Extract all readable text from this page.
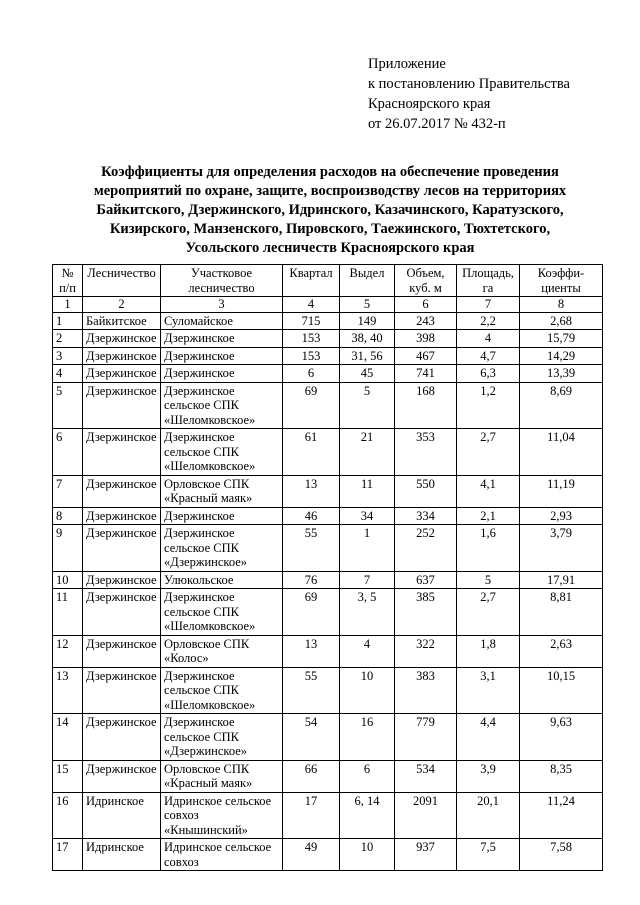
Приложение
к постановлению Правительства
Красноярского края
от 26.07.2017 № 432-п
Коэффициенты для определения расходов на обеспечение проведения
мероприятий по охране, защите, воспроизводству лесов на территориях
Байкитского, Дзержинского, Идринского, Казачинского, Каратузского,
Кизирского, Манзенского, Пировского, Таежинского, Тюхтетского,
Усольского лесничеств Красноярского края
№ п/п	Лесничество	Участковое лесничество	Квартал	Выдел	Объем, куб. м	Площадь, га	Коэффи- циенты
1	2	3	4	5	6	7	8
1	Байкитское	Суломайское	715	149	243	2,2	2,68
2	Дзержинское	Дзержинское	153	38, 40	398	4	15,79
3	Дзержинское	Дзержинское	153	31, 56	467	4,7	14,29
4	Дзержинское	Дзержинское	6	45	741	6,3	13,39
5	Дзержинское	Дзержинское сельское СПК «Шеломковское»	69	5	168	1,2	8,69
6	Дзержинское	Дзержинское сельское СПК «Шеломковское»	61	21	353	2,7	11,04
7	Дзержинское	Орловское СПК «Красный маяк»	13	11	550	4,1	11,19
8	Дзержинское	Дзержинское	46	34	334	2,1	2,93
9	Дзержинское	Дзержинское сельское СПК «Дзержинское»	55	1	252	1,6	3,79
10	Дзержинское	Улюкольское	76	7	637	5	17,91
11	Дзержинское	Дзержинское сельское СПК «Шеломковское»	69	3, 5	385	2,7	8,81
12	Дзержинское	Орловское СПК «Колос»	13	4	322	1,8	2,63
13	Дзержинское	Дзержинское сельское СПК «Шеломковское»	55	10	383	3,1	10,15
14	Дзержинское	Дзержинское сельское СПК «Дзержинское»	54	16	779	4,4	9,63
15	Дзержинское	Орловское СПК «Красный маяк»	66	6	534	3,9	8,35
16	Идринское	Идринское сельское совхоз «Кнышинский»	17	6, 14	2091	20,1	11,24
17	Идринское	Идринское сельское совхоз	49	10	937	7,5	7,58
